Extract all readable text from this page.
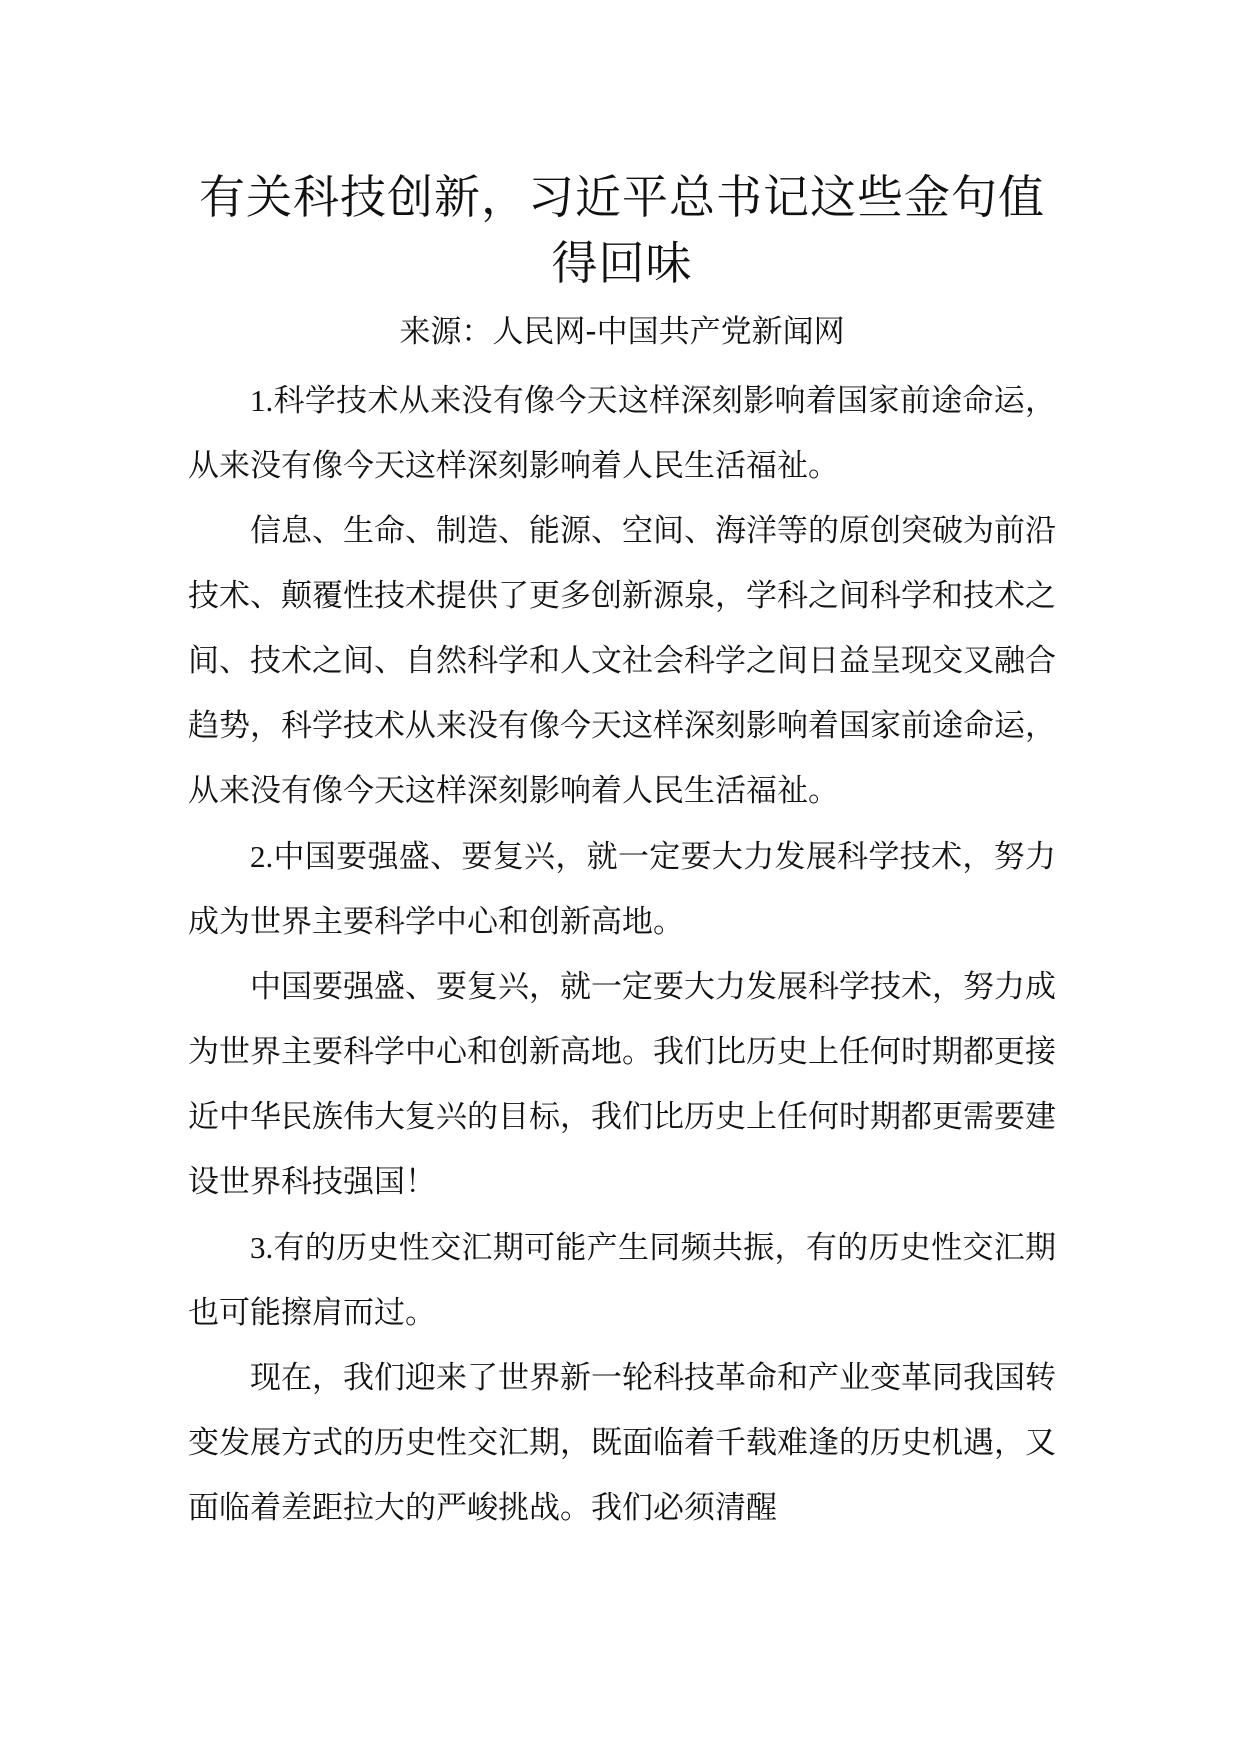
有关科技创新，习近平总书记这些金句值得回味
来源：人民网-中国共产党新闻网

1.科学技术从来没有像今天这样深刻影响着国家前途命运，从来没有像今天这样深刻影响着人民生活福祉。

信息、生命、制造、能源、空间、海洋等的原创突破为前沿技术、颠覆性技术提供了更多创新源泉，学科之间科学和技术之间、技术之间、自然科学和人文社会科学之间日益呈现交叉融合趋势，科学技术从来没有像今天这样深刻影响着国家前途命运，从来没有像今天这样深刻影响着人民生活福祉。

2.中国要强盛、要复兴，就一定要大力发展科学技术，努力成为世界主要科学中心和创新高地。

中国要强盛、要复兴，就一定要大力发展科学技术，努力成为世界主要科学中心和创新高地。我们比历史上任何时期都更接近中华民族伟大复兴的目标，我们比历史上任何时期都更需要建设世界科技强国！

3.有的历史性交汇期可能产生同频共振，有的历史性交汇期也可能擦肩而过。

现在，我们迎来了世界新一轮科技革命和产业变革同我国转变发展方式的历史性交汇期，既面临着千载难逢的历史机遇，又面临着差距拉大的严峻挑战。我们必须清醒
